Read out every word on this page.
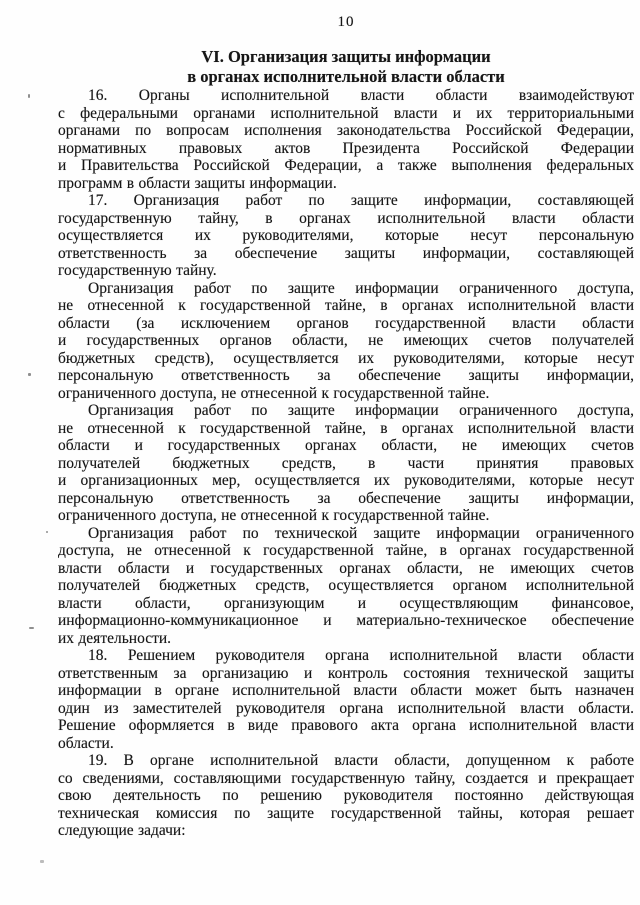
10
VI. Организация защиты информации
в органах исполнительной власти области
16. Органы исполнительной власти области взаимодействуют
с федеральными органами исполнительной власти и их территориальными
органами по вопросам исполнения законодательства Российской Федерации,
нормативных правовых актов Президента Российской Федерации
и Правительства Российской Федерации, а также выполнения федеральных
программ в области защиты информации.
17. Организация работ по защите информации, составляющей
государственную тайну, в органах исполнительной власти области
осуществляется их руководителями, которые несут персональную
ответственность за обеспечение защиты информации, составляющей
государственную тайну.
Организация работ по защите информации ограниченного доступа,
не отнесенной к государственной тайне, в органах исполнительной власти
области (за исключением органов государственной власти области
и государственных органов области, не имеющих счетов получателей
бюджетных средств), осуществляется их руководителями, которые несут
персональную ответственность за обеспечение защиты информации,
ограниченного доступа, не отнесенной к государственной тайне.
Организация работ по защите информации ограниченного доступа,
не отнесенной к государственной тайне, в органах исполнительной власти
области и государственных органах области, не имеющих счетов
получателей бюджетных средств, в части принятия правовых
и организационных мер, осуществляется их руководителями, которые несут
персональную ответственность за обеспечение защиты информации,
ограниченного доступа, не отнесенной к государственной тайне.
Организация работ по технической защите информации ограниченного
доступа, не отнесенной к государственной тайне, в органах государственной
власти области и государственных органах области, не имеющих счетов
получателей бюджетных средств, осуществляется органом исполнительной
власти области, организующим и осуществляющим финансовое,
информационно-коммуникационное и материально-техническое обеспечение
их деятельности.
18. Решением руководителя органа исполнительной власти области
ответственным за организацию и контроль состояния технической защиты
информации в органе исполнительной власти области может быть назначен
один из заместителей руководителя органа исполнительной власти области.
Решение оформляется в виде правового акта органа исполнительной власти
области.
19. В органе исполнительной власти области, допущенном к работе
со сведениями, составляющими государственную тайну, создается и прекращает
свою деятельность по решению руководителя постоянно действующая
техническая комиссия по защите государственной тайны, которая решает
следующие задачи:
